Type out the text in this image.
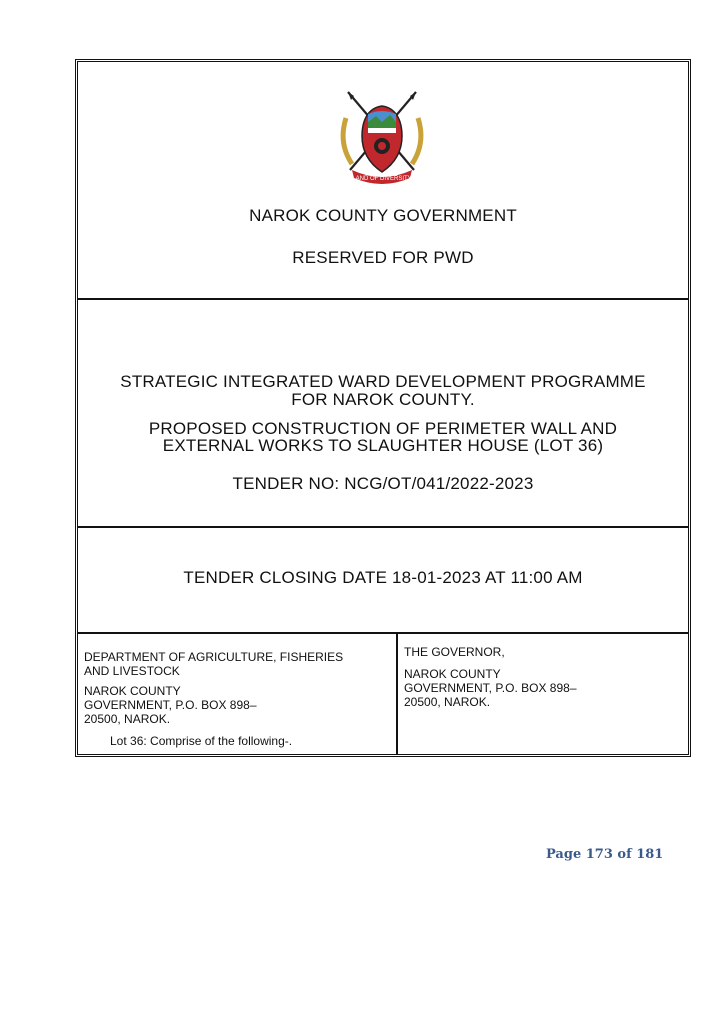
LAND OF DIVERSITY
NAROK COUNTY GOVERNMENT
RESERVED FOR PWD
STRATEGIC INTEGRATED WARD DEVELOPMENT PROGRAMME
FOR NAROK COUNTY.
PROPOSED CONSTRUCTION OF PERIMETER WALL AND
EXTERNAL WORKS TO SLAUGHTER HOUSE (LOT 36)
TENDER NO: NCG/OT/041/2022-2023
TENDER CLOSING DATE 18-01-2023 AT 11:00 AM
DEPARTMENT OF AGRICULTURE, FISHERIES
AND LIVESTOCK
NAROK COUNTY
GOVERNMENT, P.O. BOX 898–
20500, NAROK.
Lot 36: Comprise of the following-.
THE GOVERNOR,
NAROK COUNTY
GOVERNMENT, P.O. BOX 898–
20500, NAROK.
Page 173 of 181
